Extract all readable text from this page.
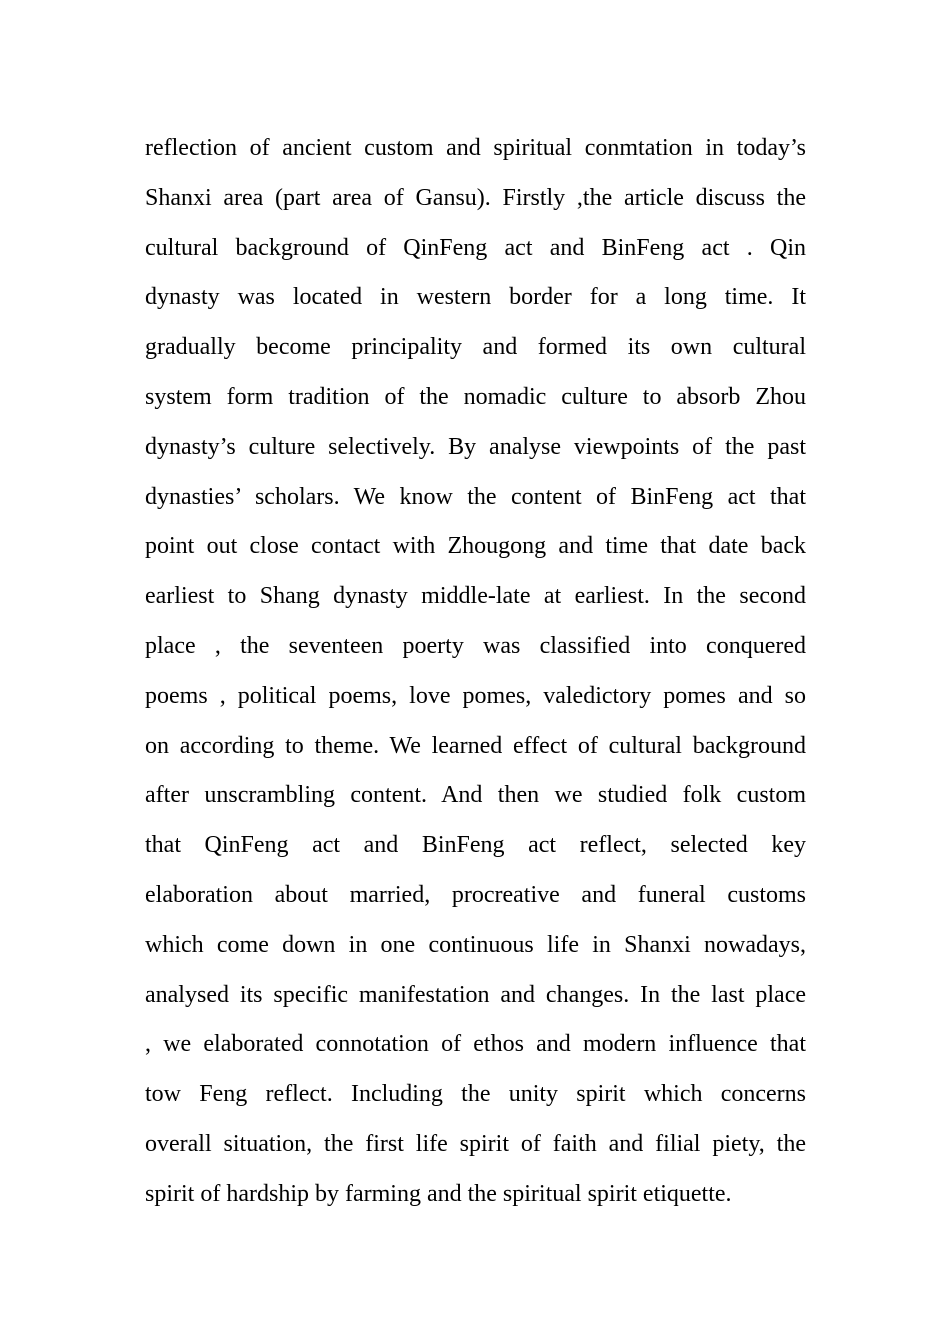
reflection of ancient custom and spiritual conmtation in today’s
Shanxi area (part area of Gansu). Firstly ,the article discuss the
cultural background of QinFeng act and BinFeng act . Qin
dynasty was located in western border for a long time. It
gradually become principality and formed its own cultural
system form tradition of the nomadic culture to absorb Zhou
dynasty’s culture selectively. By analyse viewpoints of the past
dynasties’ scholars. We know the content of BinFeng act that
point out close contact with Zhougong and time that date back
earliest to Shang dynasty middle-late at earliest. In the second
place , the seventeen poerty was classified into conquered
poems , political poems, love pomes, valedictory pomes and so
on according to theme. We learned effect of cultural background
after unscrambling content. And then we studied folk custom
that QinFeng act and BinFeng act reflect, selected key
elaboration about married, procreative and funeral customs
which come down in one continuous life in Shanxi nowadays,
analysed its specific manifestation and changes. In the last place
, we elaborated connotation of ethos and modern influence that
tow Feng reflect. Including the unity spirit which concerns
overall situation, the first life spirit of faith and filial piety, the
spirit of hardship by farming and the spiritual spirit etiquette.
